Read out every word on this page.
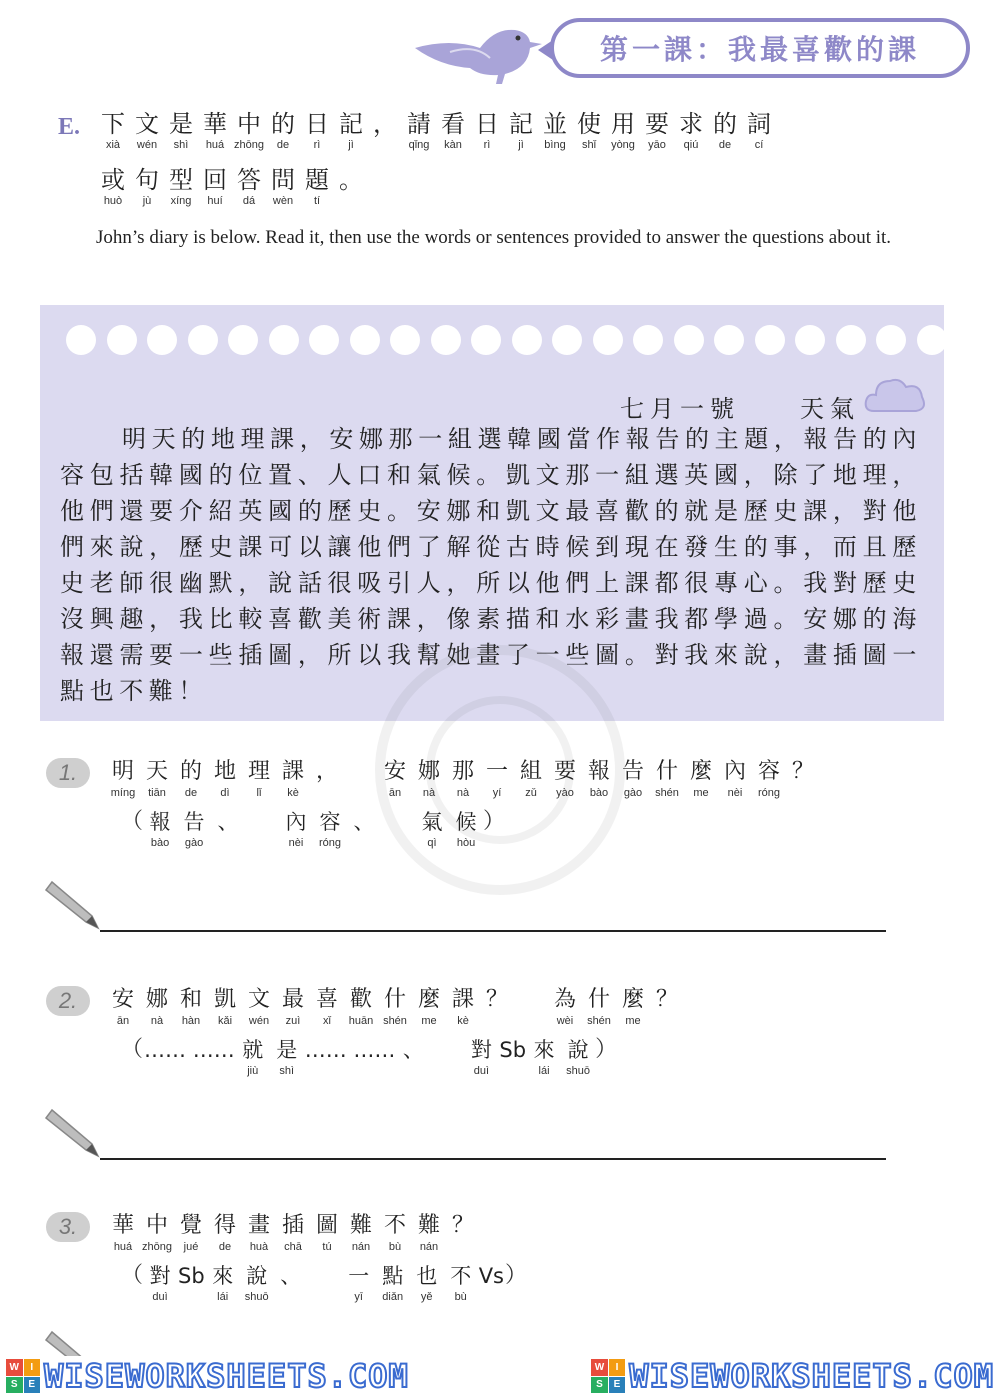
第一課：我最喜歡的課
E. 下
xià
文
wén
是
shì
華
huá
中
zhōng
的
de
日
rì
記
jì
，
請
qǐng
看
kàn
日
rì
記
jì
並
bìng
使
shǐ
用
yòng
要
yāo
求
qiú
的
de
詞
cí
或
huò
句
jù
型
xíng
回
huí
答
dá
問
wèn
題
tí
。

John’s diary is below. Read it, then use the words or sentences provided to answer the questions about it.
七月一號　　天氣
明天的地理課，安娜那一組選韓國當作報告的主題，報告的內容包括韓國的位置、人口和氣候。凱文那一組選英國，除了地理，他們還要介紹英國的歷史。安娜和凱文最喜歡的就是歷史課，對他們來說，歷史課可以讓他們了解從古時候到現在發生的事，而且歷史老師很幽默，說話很吸引人，所以他們上課都很專心。我對歷史沒興趣，我比較喜歡美術課，像素描和水彩畫我都學過。安娜的海報還需要一些插圖，所以我幫她畫了一些圖。對我來說，畫插圖一點也不難！
1.	明
míng
天
tiān
的
de
地
dì
理
lǐ
課
kè
，

安
ān
娜
nà
那
nà
一
yí
組
zǔ
要
yào
報
bào
告
gào
什
shén
麼
me
內
nèi
容
róng
？

（ 報
bào
告
gào
、

內
nèi
容
róng
、

氣
qì
候
hòu
）
2.	安
ān
娜
nà
和
hàn
凱
kǎi
文
wén
最
zuì
喜
xǐ
歡
huān
什
shén
麼
me
課
kè
？

為
wèi
什
shén
麼
me
？

（ …… ……
就
jiù
是
shì
…… ……
、

對
duì
Sb
來
lái
說
shuō
）
3.	華
huá
中
zhōng
覺
jué
得
de
畫
huà
插
chā
圖
tú
難
nán
不
bù
難
nán
？

（ 對
duì
Sb
來
lái
說
shuō
、

一
yī
點
diǎn
也
yě
不
bù
Vs
）
W	I
S	E WISEWORKSHEETS.COM	W	I
S	E WISEWORKSHEETS.COM
